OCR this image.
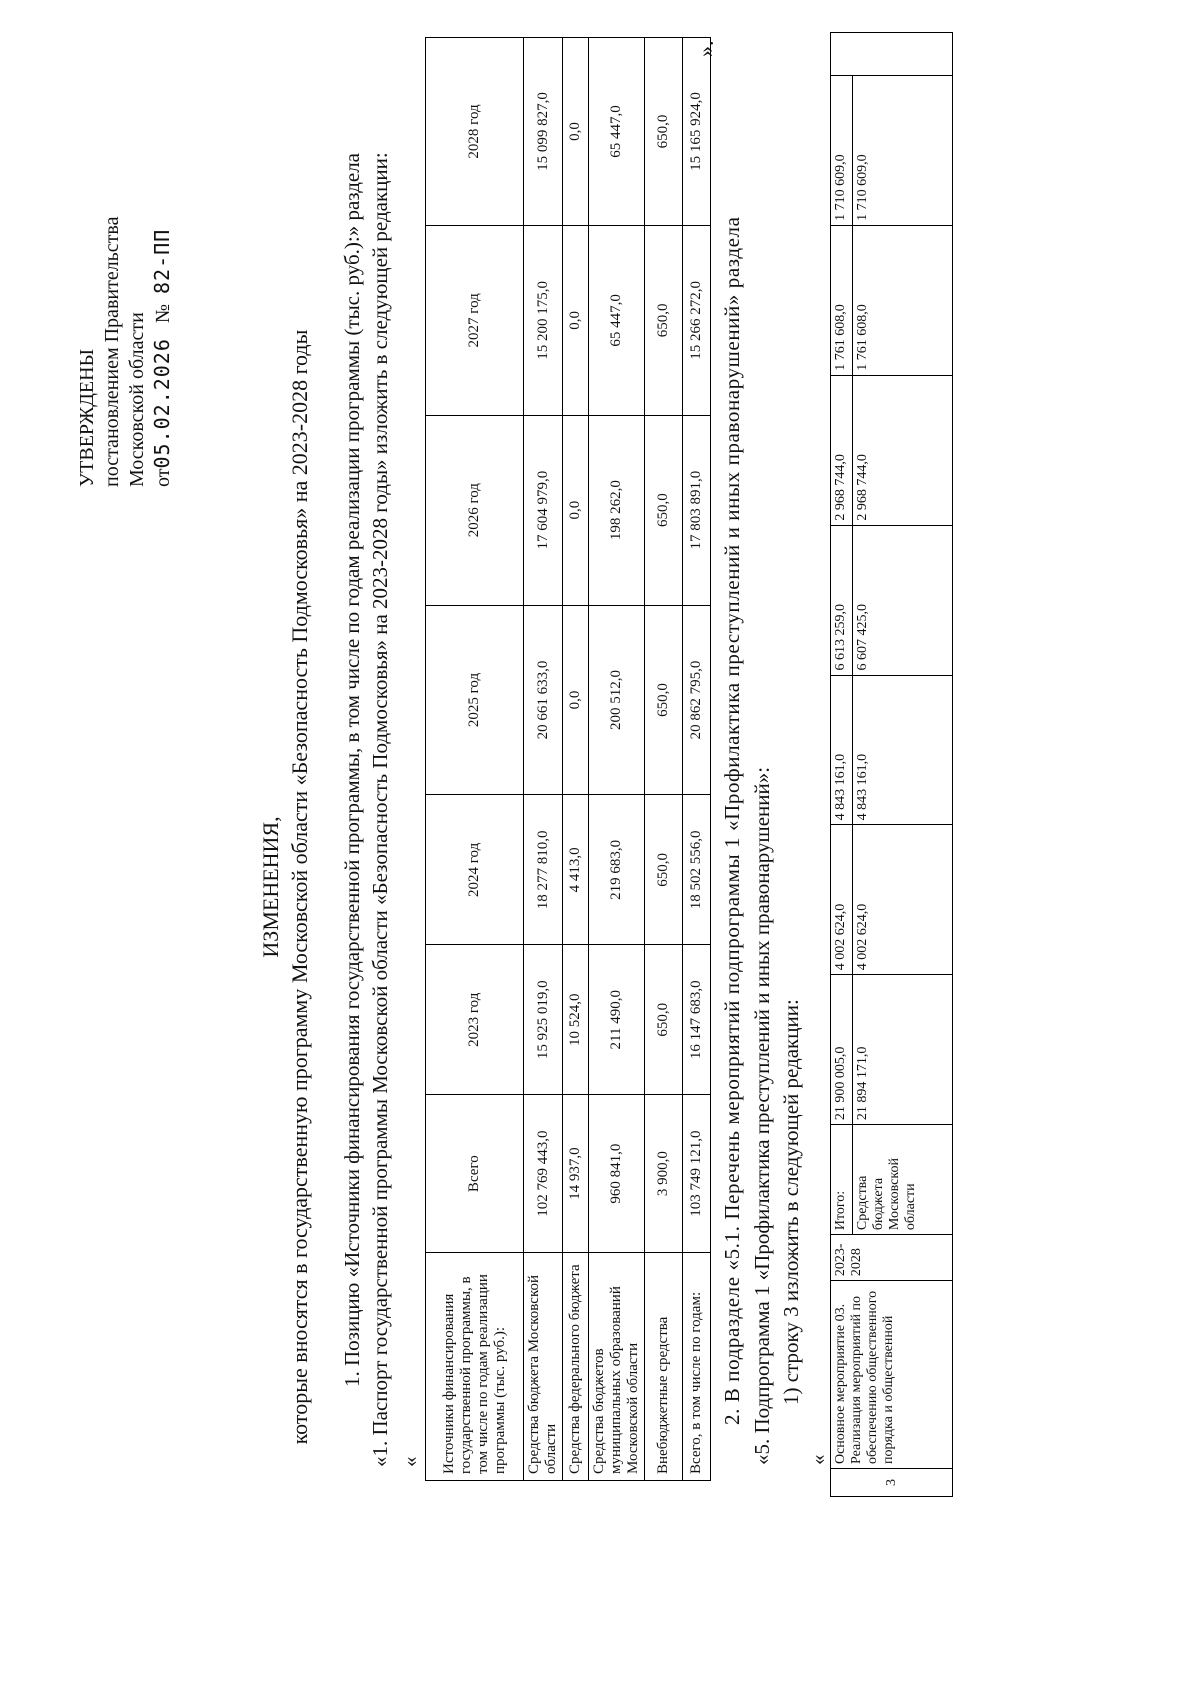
УТВЕРЖДЕНЫ постановлением Правительства Московской области от05.02.2026   №  82-ПП
ИЗМЕНЕНИЯ, которые вносятся в государственную программу Московской области «Безопасность Подмосковья» на 2023-2028 годы 1. Позицию «Источники финансирования государственной программы, в том числе по годам реализации программы (тыс. руб.):» раздела «1. Паспорт государственной программы Московской области «Безопасность Подмосковья» на 2023-2028 годы» изложить в следующей редакции: « Источники финансирования государственной программы, в том числе по годам реализации программы (тыс. руб.):	Всего	2023 год	2024 год	2025 год	2026 год	2027 год	2028 год
Средства бюджета Московской области	102 769 443,0	15 925 019,0	18 277 810,0	20 661 633,0	17 604 979,0	15 200 175,0	15 099 827,0
Средства федерального бюджета	14 937,0	10 524,0	4 413,0	0,0	0,0	0,0	0,0
Средства бюджетов муниципальных образований Московской области	960 841,0	211 490,0	219 683,0	200 512,0	198 262,0	65 447,0	65 447,0
Внебюджетные средства	3 900,0	650,0	650,0	650,0	650,0	650,0	650,0
Всего, в том числе по годам:	103 749 121,0	16 147 683,0	18 502 556,0	20 862 795,0	17 803 891,0	15 266 272,0	15 165 924,0
».
2. В подразделе «5.1. Перечень мероприятий подпрограммы 1 «Профилактика преступлений и иных правонарушений» раздела «5. Подпрограмма 1 «Профилактика преступлений и иных правонарушений»: 1) строку 3 изложить в следующей редакции:
«
3	Основное мероприятие 03. Реализация мероприятий по обеспечению общественного порядка и общественной	2023-2028	Итого:	21 900 005,0	4 002 624,0	4 843 161,0	6 613 259,0	2 968 744,0	1 761 608,0	1 710 609,0	
			Средства бюджета Московской области	21 894 171,0	4 002 624,0	4 843 161,0	6 607 425,0	2 968 744,0	1 761 608,0	1 710 609,0	
